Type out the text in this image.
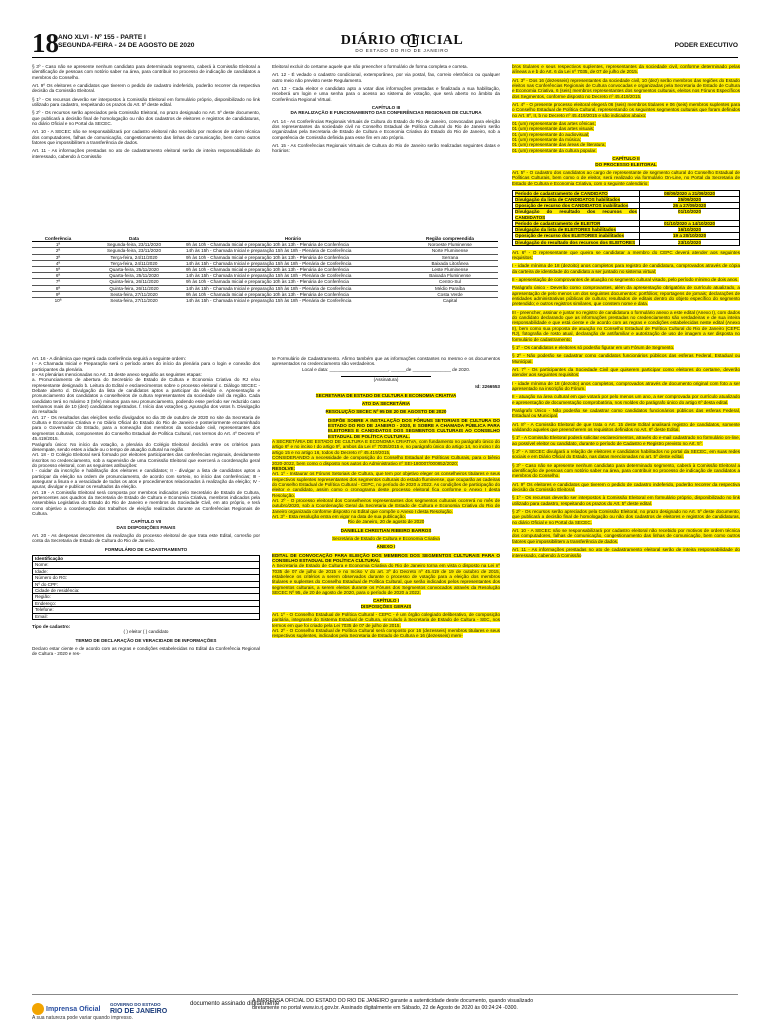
18 ANO XLVI - Nº 155 - PARTE I
SEGUNDA-FEIRA - 24 DE AGOSTO DE 2020	DIÁRIO OFICIAL
DO ESTADO DO RIO DE JANEIRO
PODER EXECUTIVO

§ 3º - Caso não se apresente nenhum candidato para determinado segmento, caberá à Comissão Eleitoral a identificação de pessoas com notório saber na área, para contribuir no processo de indicação de candidatos a membros do Conselho.

Art. 9º Os eleitores e candidatos que tiverem o pedido de cadastro indeferido, poderão recorrer da respectiva decisão da Comissão Eleitoral.

§ 1º - Os recursos deverão ser interpostos à Comissão Eleitoral em formulário próprio, disponibilizado no link utilizado para cadastro, respeitando os prazos do Art. 5º deste edital.

§ 2º - Os recursos serão apreciados pela Comissão Eleitoral, no prazo designado no Art. 5º deste documento, que publicará a decisão final de homologação ou não dos cadastros de eleitores e registros de candidaturas, no diário Oficial e no Portal da SECEC.

Art. 10 - A SECEC não se responsabilizará por cadastro eleitoral não recebido por motivos de ordem técnica dos computadores, falhas de comunicação, congestionamento das linhas de comunicação, bem como outros fatores que impossibilitem a transferência de dados.

Art. 11 - As informações prestadas no ato de cadastramento eleitoral serão de inteira responsabilidade do interessado, cabendo à Comissão

Eleitoral excluir do certame aquele que não preencher o formulário de forma completa e correta.

Art. 12 - É vedado o cadastro condicional, extemporâneo, por via postal, fax, correio eletrônico ou qualquer outro meio não previsto neste Regulamento.

Art. 13 - Cada eleitor e candidato apto a votar dias informações prestadas e finalizada a sua habilitação, receberá um login e uma senha para o acesso ao sistema de votação, que será aberto no âmbito da Conferência Regional Virtual.

CAPÍTULO III
DA REALIZAÇÃO E FUNCIONAMENTO DAS CONFERÊNCIAS REGIONAIS DE CULTURA

Art. 14 - As Conferências Regionais Virtuais de Cultura do Estado do Rio de Janeiro, convocadas para eleição dos representantes da sociedade civil no Conselho Estadual de Política Cultural do Rio de Janeiro serão organizadas pela Secretaria de Estado de Cultura e Economia Criativa do Estado do Rio de Janeiro, sob a competência de Comissão definida para esse fim em ato próprio.

Art. 15 - As Conferências Regionais Virtuais de Cultura do Rio de Janeiro serão realizadas seguintes datas e horários:

Conferência	Data	Horário	Região compreendida
1ª	Segunda-feira, 23/11/2020	9h às 10h - Chamada Inicial e preparação 10h às 13h - Plenária de Conferência	Noroeste Fluminense
2ª	Segunda-feira, 23/11/2020	14h às 15h - Chamada Inicial e preparação 15h às 18h - Plenária de Conferência	Norte Fluminense
3ª	Terça-feira, 24/11/2020	9h às 10h - Chamada Inicial e preparação 10h às 13h - Plenária de Conferência	Serrana
4ª	Terça-feira, 24/11/2020	14h às 15h - Chamada Inicial e preparação 15h às 18h - Plenária de Conferência	Baixada Litorânea
5ª	Quarta-feira, 25/11/2020	9h às 10h - Chamada Inicial e preparação 10h às 13h - Plenária de Conferência	Leste Fluminense
6ª	Quarta-feira, 25/11/2020	14h às 15h - Chamada Inicial e preparação 15h às 18h - Plenária de Conferência	Baixada Fluminense
7ª	Quinta-feira, 26/11/2020	9h às 10h - Chamada Inicial e preparação 10h às 13h - Plenária de Conferência	Centro-Sul
8ª	Quinta-feira, 26/11/2020	14h às 15h - Chamada Inicial e preparação 15h às 18h - Plenária de Conferência	Médio Paraíba
9ª	Sexta-feira, 27/11/2020	9h às 10h - Chamada Inicial e preparação 10h às 13h - Plenária de Conferência	Costa Verde
10ª	Sexta-feira, 27/11/2020	14h às 15h - Chamada Inicial e preparação 15h às 18h - Plenária de Conferência	Capital

Art. 16 - A dinâmica que regerá cada conferência seguirá a seguinte ordem:

I - A Chamada Inicial e Preparação será o período antes do início da plenária para o login e conexão dos participantes da plenária.

II - As plenárias mencionadas no Art. 15 deste anexo seguirão as seguintes etapas:

a. Pronunciamento de abertura do Secretário de Estado de Cultura e Economia Criativa do RJ e/ou representante designado b. Leitura do Edital e esclarecimentos sobre o processo eleitoral c. Diálogo SECEC - Debate aberto d. Divulgação da lista de candidatos aptos a participar da eleição e. Apresentação e pronunciamento dos candidatos a conselheiros de cultura representantes da sociedade civil da região. Cada candidato terá no máximo 3 (três) minutos para seu pronunciamento, podendo esse período ser reduzido caso tenhamos mais de 10 (dez) candidatos registrados. f. Início das votações g. Apuração dos votos h. Divulgação do resultado

Art. 17 - Os resultados das eleições serão divulgados no dia 30 de outubro de 2020 no site da Secretaria de Cultura e Economia Criativa e no Diário Oficial do Estado do Rio de Janeiro e posteriormente encaminhado para o Governador do Estado, para a nomeação dos membros da sociedade civil, representantes dos segmentos culturais, componentes do Conselho Estadual de Política Cultural, nos termos do Art. 4º Decreto nº 45.419/2015.

Parágrafo único: No início da votação, a plenária do Colégio Eleitoral decidirá entre os critérios para desempate, sendo estes a idade ou o tempo de atuação cultural na região.

Art. 18 - O Colégio Eleitoral será formado por eleitores participantes das conferências regionais, devidamente inscritos no credenciamento, sob a supervisão de uma Comissão Eleitoral que exercerá a coordenação geral do processo eleitoral, com as seguintes atribuições:

I - cuidar da inscrição e habilitação dos eleitores e candidatos; II - divulgar a lista de candidatos aptos a participar da eleição na ordem de pronunciamento, de acordo com sorteio, no início das conferências; III - assegurar a lisura e a veracidade de todos os atos e procedimentos relacionados à realização da eleição; IV - apurar, divulgar e publicar os resultados da eleição.

Art. 19 - A Comissão Eleitoral será composta por membros indicados pelo Secretário de Estado de Cultura, pertencentes aos quadros da Secretaria de Estado de Cultura e Economia Criativa, membros indicados pela Assembleia Legislativa do Estado do Rio de Janeiro e membros da Sociedade Civil, em ato próprio, e terá como objetivo a coordenação dos trabalhos de eleição realizados durante as Conferências Regionais de Cultura.

CAPÍTULO VII
DAS DISPOSIÇÕES FINAIS

Art. 20 - As despesas decorrentes da realização do processo eleitoral de que trata este Edital, correrão por conta da Secretaria de Estado de Cultura do Rio de Janeiro.

FORMULÁRIO DE CADASTRAMENTO
Identificação
Nome:
Idade:
Número do RG:
Nº do CPF:
Cidade de residência:
Região:
Endereço:
Telefone:
Email:

Tipo de cadastro:

( ) eleitor ( ) candidato

TERMO DE DECLARAÇÃO DE VERACIDADE DE INFORMAÇÕES

Declaro estar ciente e de acordo com as regras e condições estabelecidas no Edital da Conferência Regional de Cultura - 2020 e res-

te Formulário de Cadastramento. Afirmo também que as informações constantes no mesmo e os documentos apresentados no credenciamento são verdadeiros.

Local e data: _______________________, ______de _______________ de 2020.

(Assinatura)

Id: 2266553

SECRETARIA DE ESTADO DE CULTURA E ECONOMIA CRIATIVA
ATO DA SECRETÁRIA
RESOLUÇÃO SECEC Nº 95 DE 20 DE AGOSTO DE 2020

DISPÕE SOBRE A INSTALAÇÃO DOS FÓRUNS SETORIAIS DE CULTURA DO ESTADO DO RIO DE JANEIRO - 2020, E SOBRE A CHAMADA PÚBLICA PARA ELEITORES E CANDIDATOS DOS SEGMENTOS CULTURAIS AO CONSELHO ESTADUAL DE POLÍTICA CULTURAL.

A SECRETÁRIA DE ESTADO DE CULTURA E ECONOMIA CRIATIVA, com fundamento no parágrafo único do artigo 6º e no inciso I do artigo 9º, ambos da Lei nº 7035/2015 e, no parágrafo único do artigo 14, no inciso I do artigo 15 e no artigo 16, todos do Decreto nº 45.419/2015,

CONSIDERANDO a necessidade de composição do Conselho Estadual de Políticas Culturais, para o biênio 2020-2022, bem como o disposto nos autos do Administrativo nº SEI-180007/000852/2020;

RESOLVE:

Art. 1º - Instaurar os Fóruns Setoriais de Cultura, que tem por objetivo eleger os conselheiros titulares e seus respectivos suplentes representantes dos segmentos culturais do estado fluminense, que ocuparão as cadeiras do Conselho Estadual de Política Cultural - CEPC, no período de 2020 a 2022. As condições de participação do eleitor e candidato, assim como o cronograma deste processo eleitoral fica conforme o Anexo I desta Resolução.

Art. 2º - O processo eleitoral dos Conselheiros representantes dos segmentos culturais ocorrerá no mês de outubro/2020, sob a Coordenação Geral da Secretaria de Estado de Cultura e Economia Criativa do Rio de Janeiro organizada conforme disposto no Edital que compõe o Anexo I desta Resolução.

Art. 3º - Esta resolução entra em vigor na data de sua publicação.

Rio de Janeiro, 20 de agosto de 2020

DANIELLE CHRISTIAN RIBEIRO BARROS

Secretária de Estado de Cultura e Economia Criativa

ANEXO I

EDITAL DE CONVOCAÇÃO PARA ELEIÇÃO DOS MEMBROS DOS SEGMENTOS CULTURAIS PARA O CONSELHO ESTADUAL DE POLÍTICA CULTURAL

A Secretaria de Estado de Cultura e Economia Criativa do Rio de Janeiro torna em vista o disposto na Lei nº 7035 de 07 de julho de 2015 e no Inciso V do art. 3º do Decreto nº 45.419 de 19 de outubro de 2015, estabelece os critérios a serem observados durante o processo de votação para a eleição dos membros titulares e suplentes do Conselho Estadual de Política Cultural, que serão indicados pelos representantes dos segmentos culturais, a serem eleitos durante os Fóruns dos Segmentos convocados através da Resolução SECEC Nº 95, de 20 de agosto de 2020, para o período de 2020 a 2022.

CAPÍTULO I
DISPOSIÇÕES GERAIS

Art. 1º - O Conselho Estadual de Política Cultural - CEPC - é um órgão colegiado deliberativo, de composição paritária, integrante do Sistema Estadual de Cultura, vinculado à Secretaria de Estado de Cultura - SEC, nos termos em que foi criado pela Lei 7035 de 07 de julho de 2015.

Art. 2º - O Conselho Estadual de Política Cultural será composto por 16 (dezesseis) membros titulares e seus respectivos suplentes, indicados pela Secretaria de Estado de Cultura e 16 (dezesseis) mem-

bros titulares e seus respectivos suplentes, representantes da sociedade civil, conforme determinado pelas alíneas a e b do Art. 6 da Lei nº 7035, de 07 de julho de 2015.

Art. 3º - Dos 16 (dezesseis) representantes da sociedade civil, 10 (dez) serão membros das regiões do Estado eleitos nas Conferências Regionais de Cultura convocadas e organizadas pela Secretaria de Estado de Cultura e Economia Criativa, 6 (seis) membros representantes dos segmentos culturais, eleitos nos Fóruns Específicos dos Segmentos, conforme disposto no Decreto nº 45.419/2015.

Art. 4º - O presente processo eleitoral elegerá 06 (seis) membros titulares e 06 (seis) membros suplentes para o Conselho Estadual de Política Cultural, representando os seguintes segmentos culturais que foram definidos no Art. 8º, II, b no Decreto nº 45.419/2015 e são indicados abaixo:

01 (um) representante das artes cênicas;
01 (um) representante das artes visuais;
01 (um) representante do audiovisual;
01 (um) representante da música;
01 (um) representante das áreas de literatura;
01 (um) representante da cultura popular.
CAPÍTULO II
DO PROCESSO ELEITORAL

Art. 5º - O cadastro dos candidatos ao cargo de representante de segmento cultural do Conselho Estadual de Políticas Culturais, bem como o de eleitor, será realizado via formulário On-Line, no Portal da Secretaria de Estado de Cultura e Economia Criativa, com o seguinte calendário:

Período de cadastramento de CANDIDATO	08/09/2020 a 21/09/2020
Divulgação da lista de CANDIDATOS habilitados	25/09/2020
Oposição de recurso dos CANDIDATOS inabilitados	26 a 27/09/2020
Divulgação do resultado dos recursos dos CANDIDATOS	01/10/2020
Período de cadastramento de ELEITOR	01/10/2020 a 14/10/2020
Divulgação da lista de ELEITORES habilitados	16/10/2020
Oposição de recurso dos ELEITORES inabilitados	19 a 20/10/2020
Divulgação do resultado dos recursos dos ELEITORES	23/10/2020

Art. 6º - O representante que queira se candidatar a membro do CEPC deverá atender aos seguintes requisitos:

I - idade mínima de 18 (dezoito) anos completos para registro de candidatura, comprovados através de cópia da carteira de identidade do candidato a ser juntado no sistema virtual;

II - apresentação de comprovantes de atuação no segmento cultural visado, pelo período mínimo de dois anos.

Parágrafo único - Deverão como comprovantes, além da apresentação obrigatória de currículo atualizado, a apresentação de pelo menos um dos seguintes documentos: portfólios; reportagens de jornais; declarações de entidades administrativas públicas de cultura; resultados de editais dentro do objeto específico do segmento pretendido; e outros registros similares, que constem nome e data.

III - preencher, assinar e juntar no registro de candidatura o formulário anexo a este edital (Anexo I), com dados do candidato declarando que as informações prestadas no credenciamento são verdadeiras e de sua inteira responsabilidade e que está ciente e de acordo com as regras e condições estabelecidas neste edital (Anexo II), bem como sua proposta de atuação no Conselho Estadual de Política Cultural do Rio de Janeiro (CEPC RJ), fotografia de rosto atual, declaração de antifamiliar e autorização de uso de imagem a ser disposta no formulário de cadastramento;

§ 1º - Os candidatos e eleitores só poderão figurar em um Fórum de Segmento.

§ 2º - Não poderão se cadastrar como candidatos funcionários públicos das esferas Federal, Estadual ou Municipal.

Art. 7º - Os participantes da Sociedade Civil que quiserem participar como eleitores do certame, deverão atender aos seguintes requisitos:

I - idade mínima de 18 (dezoito) anos completos, comprovados através de documento original com foto a ser apresentado na inscrição do Fórum.

II - atuação na área cultural em que votará por pelo menos um ano, a ser comprovada por currículo atualizado e apresentação de documentação comprobatória, nos moldes do parágrafo único do artigo 6º desta edital.

Parágrafo Único - Não poderão se cadastrar como candidatos funcionários públicos das esferas Federal, Estadual ou Municipal.

Art. 8º - A Comissão Eleitoral de que trata o Art. 15 deste Edital analisará registro de candidatos, somente validando aqueles que preencherem os requisitos definidos no Art. 6º deste Edital.

§ 1º - A Comissão Eleitoral poderá solicitar esclarecimentos, através do e-mail cadastrado no formulário on-line, ao possível eleitor ou candidato, durante o período de Cadastro e Registro previsto no Art. 5º.

§ 2º - A SECEC divulgará a relação de eleitores e candidatos habilitados no portal da SECEC, em suas redes sociais e em Diário Oficial do Estado, nas datas mencionadas no art. 5º deste edital.

§ 3º - Caso não se apresente nenhum candidato para determinado segmento, caberá à Comissão Eleitoral a identificação de pessoas com notório saber na área, para contribuir no processo de indicação de candidatos a membros do Conselho.

Art. 9º Os eleitores e candidatos que tiverem o pedido de cadastro indeferido, poderão recorrer da respectiva decisão da Comissão Eleitoral.

§ 1º - Os recursos deverão ser interpostos à Comissão Eleitoral em formulário próprio, disponibilizado no link utilizado para cadastro, respeitando os prazos do Art. 5º deste edital.

§ 2º - Os recursos serão apreciados pela Comissão Eleitoral, no prazo designado no Art. 5º deste documento, que publicará a decisão final de homologação ou não dos cadastros de eleitores e registros de candidaturas, no diário Oficial e no Portal da SECEC.

Art. 10 - A SECEC não se responsabilizará por cadastro eleitoral não recebido por motivos de ordem técnica dos computadores, falhas de comunicação, congestionamento das linhas de comunicação, bem como outros fatores que impossibilitem a transferência de dados.

Art. 11 - As informações prestadas no ato de cadastramento eleitoral serão de inteira responsabilidade do interessado, cabendo à Comissão

Imprensa Oficial
GOVERNO DO ESTADO
RIO DE JANEIRO
documento assinado digitalmente
A IMPRENSA OFICIAL DO ESTADO DO RIO DE JANEIRO garante a autenticidade deste documento, quando visualizado diretamente no portal www.io.rj.gov.br. Assinado digitalmente em Sábado, 22 de Agosto de 2020 às 00:24:24 -0300.
A sua natureza pode variar quando impresso.
